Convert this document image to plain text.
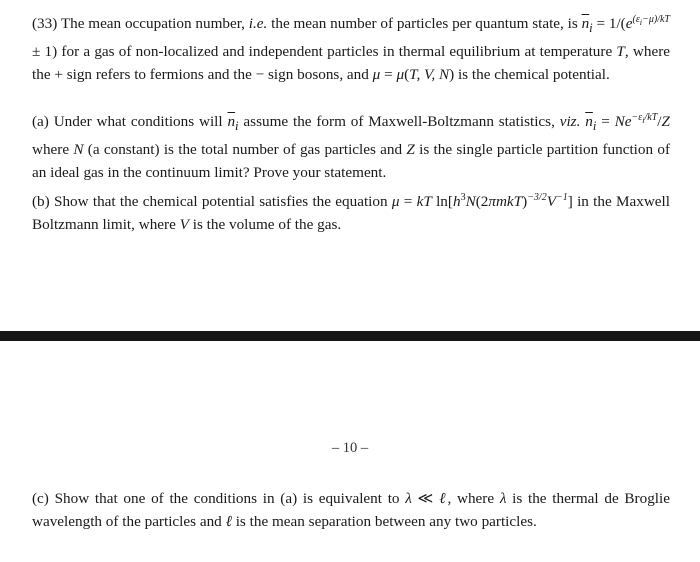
(33) The mean occupation number, i.e. the mean number of particles per quantum state, is $\overline{n}_i = 1/(e^{(\varepsilon_i-\mu)/kT} \pm 1)$ for a gas of non-localized and independent particles in thermal equilibrium at temperature T, where the + sign refers to fermions and the − sign bosons, and μ = μ(T, V, N) is the chemical potential.

(a) Under what conditions will $\overline{n}_i$ assume the form of Maxwell-Boltzmann statistics, viz. $\overline{n}_i = Ne^{-\varepsilon_i/kT}/Z$ where N (a constant) is the total number of gas particles and Z is the single particle partition function of an ideal gas in the continuum limit? Prove your statement.

(b) Show that the chemical potential satisfies the equation μ = kT $\ln[h^3N(2\pi mkT)^{-3/2}V^{-1}]$ in the Maxwell Boltzmann limit, where V is the volume of the gas.

– 10 –

(c) Show that one of the conditions in (a) is equivalent to λ ≪ ℓ, where λ is the thermal de Broglie wavelength of the particles and ℓ is the mean separation between any two particles.
